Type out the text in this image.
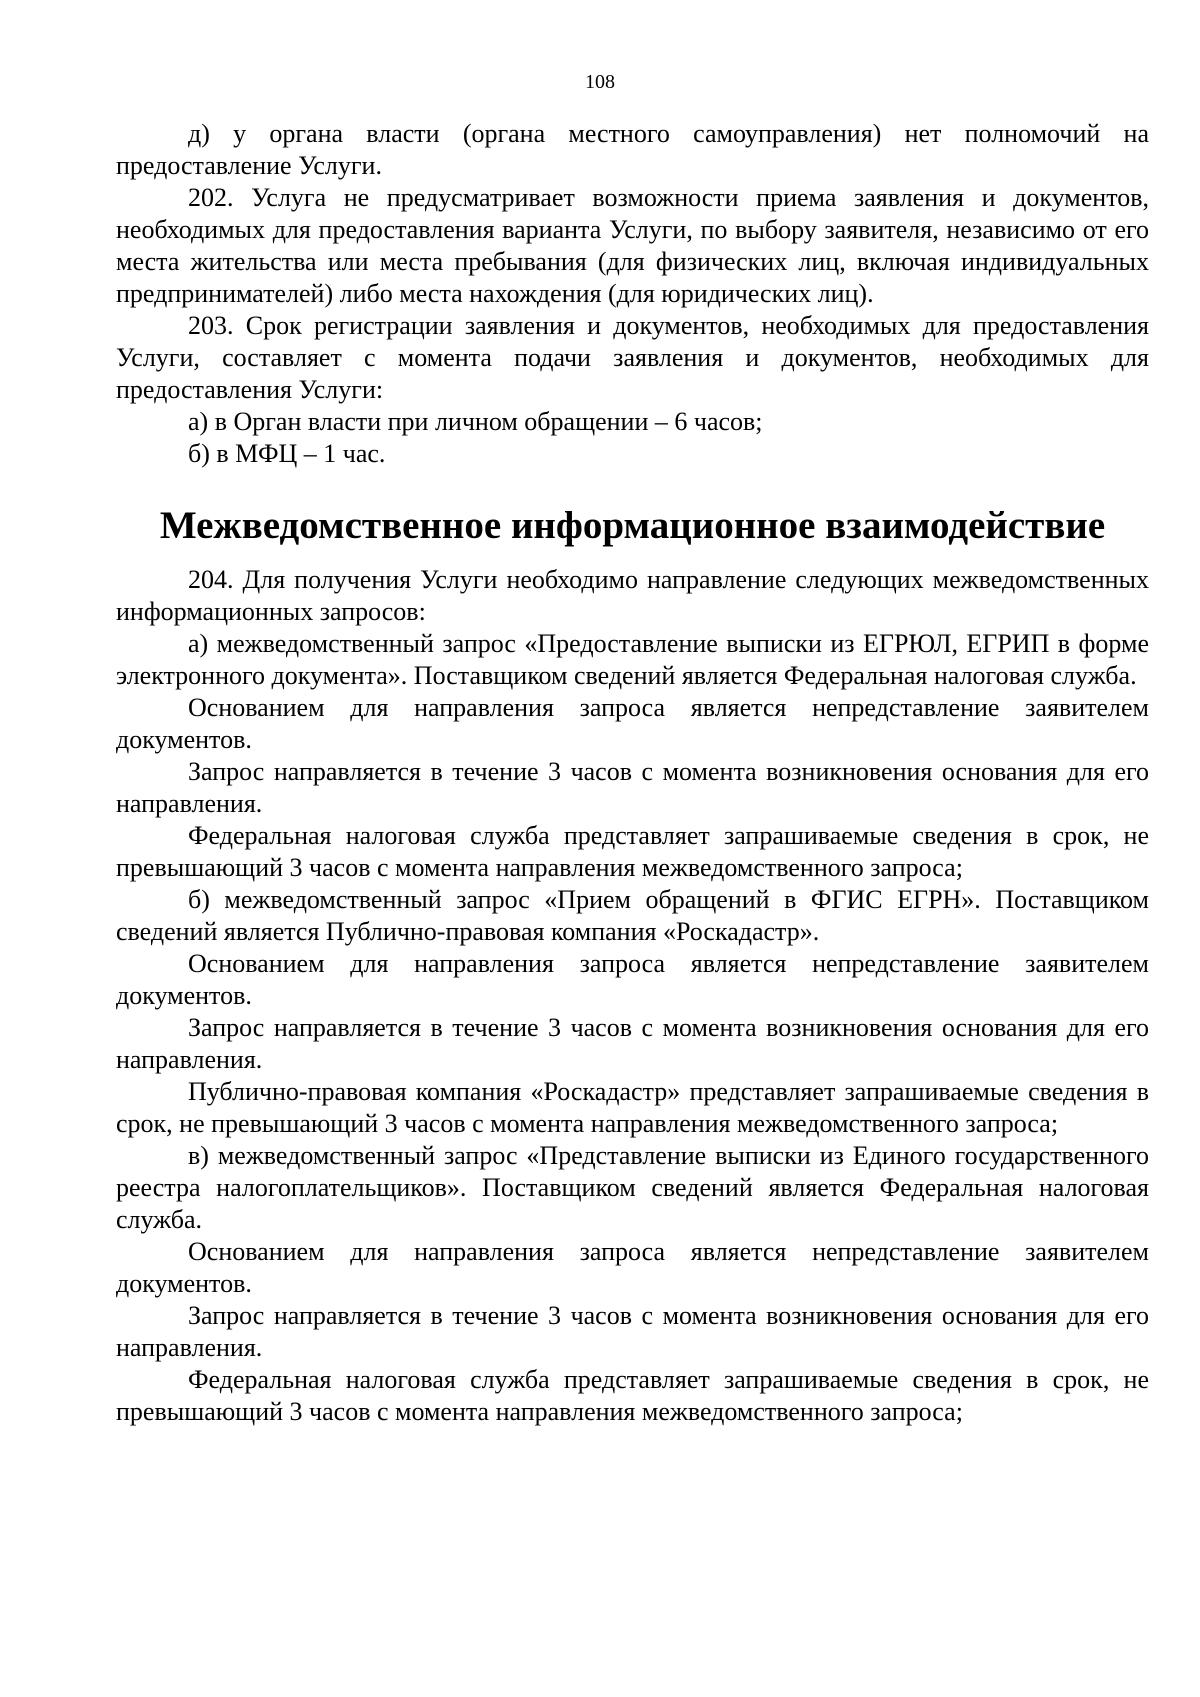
108

д) у органа власти (органа местного самоуправления) нет полномочий на предоставление Услуги.

202. Услуга не предусматривает возможности приема заявления и документов, необходимых для предоставления варианта Услуги, по выбору заявителя, независимо от его места жительства или места пребывания (для физических лиц, включая индивидуальных предпринимателей) либо места нахождения (для юридических лиц).

203. Срок регистрации заявления и документов, необходимых для предоставления Услуги, составляет с момента подачи заявления и документов, необходимых для предоставления Услуги:

а) в Орган власти при личном обращении – 6 часов;

б) в МФЦ – 1 час.

Межведомственное информационное взаимодействие

204. Для получения Услуги необходимо направление следующих межведомственных информационных запросов:

а) межведомственный запрос «Предоставление выписки из ЕГРЮЛ, ЕГРИП в форме электронного документа». Поставщиком сведений является Федеральная налоговая служба.

Основанием для направления запроса является непредставление заявителем документов.

Запрос направляется в течение 3 часов с момента возникновения основания для его направления.

Федеральная налоговая служба представляет запрашиваемые сведения в срок, не превышающий 3 часов с момента направления межведомственного запроса;

б) межведомственный запрос «Прием обращений в ФГИС ЕГРН». Поставщиком сведений является Публично-правовая компания «Роскадастр».

Основанием для направления запроса является непредставление заявителем документов.

Запрос направляется в течение 3 часов с момента возникновения основания для его направления.

Публично-правовая компания «Роскадастр» представляет запрашиваемые сведения в срок, не превышающий 3 часов с момента направления межведомственного запроса;

в) межведомственный запрос «Представление выписки из Единого государственного реестра налогоплательщиков». Поставщиком сведений является Федеральная налоговая служба.

Основанием для направления запроса является непредставление заявителем документов.

Запрос направляется в течение 3 часов с момента возникновения основания для его направления.

Федеральная налоговая служба представляет запрашиваемые сведения в срок, не превышающий 3 часов с момента направления межведомственного запроса;
